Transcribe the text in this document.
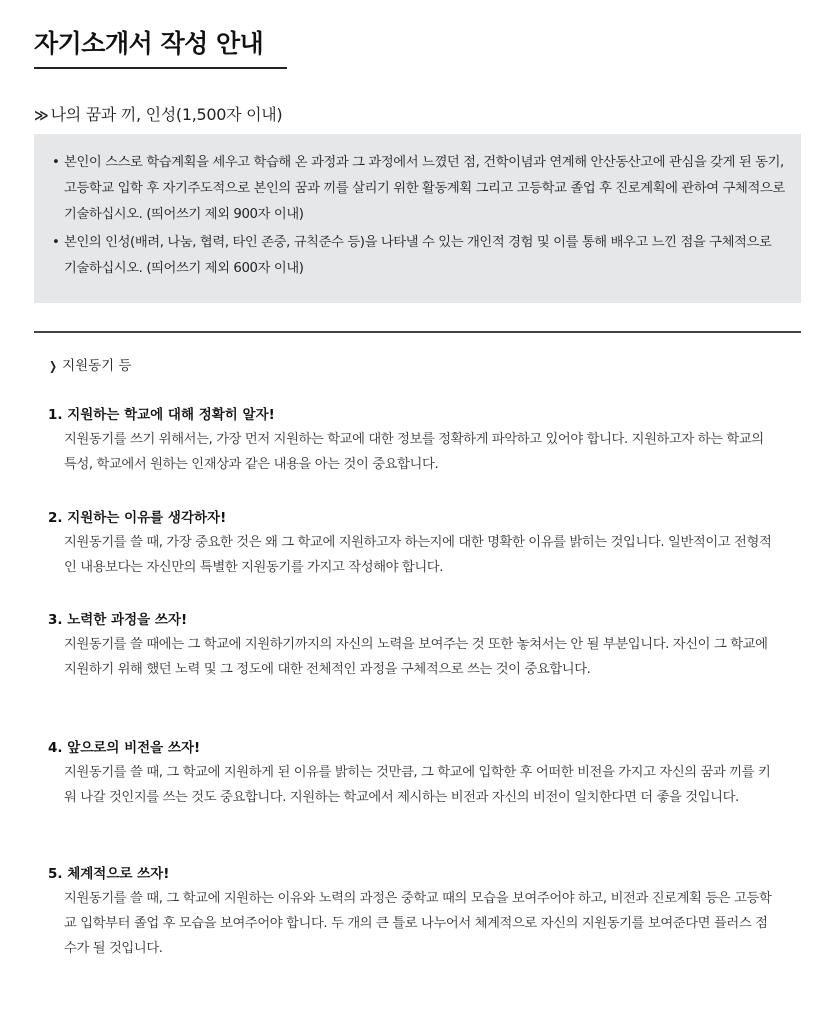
자기소개서 작성 안내
≫ 나의 꿈과 끼, 인성(1,500자 이내)
• 본인이 스스로 학습계획을 세우고 학습해 온 과정과 그 과정에서 느꼈던 점, 건학이념과 연계해 안산동산고에 관심을 갖게 된 동기, 고등학교 입학 후 자기주도적으로 본인의 꿈과 끼를 살리기 위한 활동계획 그리고 고등학교 졸업 후 진로계획에 관하여 구체적으로 기술하십시오. (띄어쓰기 제외 900자 이내)
• 본인의 인성(배려, 나눔, 협력, 타인 존중, 규칙준수 등)을 나타낼 수 있는 개인적 경험 및 이를 통해 배우고 느낀 점을 구체적으로 기술하십시오. (띄어쓰기 제외 600자 이내)
❯ 지원동기 등
1. 지원하는 학교에 대해 정확히 알자!
지원동기를 쓰기 위해서는, 가장 먼저 지원하는 학교에 대한 정보를 정확하게 파악하고 있어야 합니다. 지원하고자 하는 학교의 특성, 학교에서 원하는 인재상과 같은 내용을 아는 것이 중요합니다.
2. 지원하는 이유를 생각하자!
지원동기를 쓸 때, 가장 중요한 것은 왜 그 학교에 지원하고자 하는지에 대한 명확한 이유를 밝히는 것입니다. 일반적이고 전형적인 내용보다는 자신만의 특별한 지원동기를 가지고 작성해야 합니다.
3. 노력한 과정을 쓰자!
지원동기를 쓸 때에는 그 학교에 지원하기까지의 자신의 노력을 보여주는 것 또한 놓쳐서는 안 될 부분입니다. 자신이 그 학교에 지원하기 위해 했던 노력 및 그 정도에 대한 전체적인 과정을 구체적으로 쓰는 것이 중요합니다.
4. 앞으로의 비전을 쓰자!
지원동기를 쓸 때, 그 학교에 지원하게 된 이유를 밝히는 것만큼, 그 학교에 입학한 후 어떠한 비전을 가지고 자신의 꿈과 끼를 키워 나갈 것인지를 쓰는 것도 중요합니다. 지원하는 학교에서 제시하는 비전과 자신의 비전이 일치한다면 더 좋을 것입니다.
5. 체계적으로 쓰자!
지원동기를 쓸 때, 그 학교에 지원하는 이유와 노력의 과정은 중학교 때의 모습을 보여주어야 하고, 비전과 진로계획 등은 고등학교 입학부터 졸업 후 모습을 보여주어야 합니다. 두 개의 큰 틀로 나누어서 체계적으로 자신의 지원동기를 보여준다면 플러스 점수가 될 것입니다.
